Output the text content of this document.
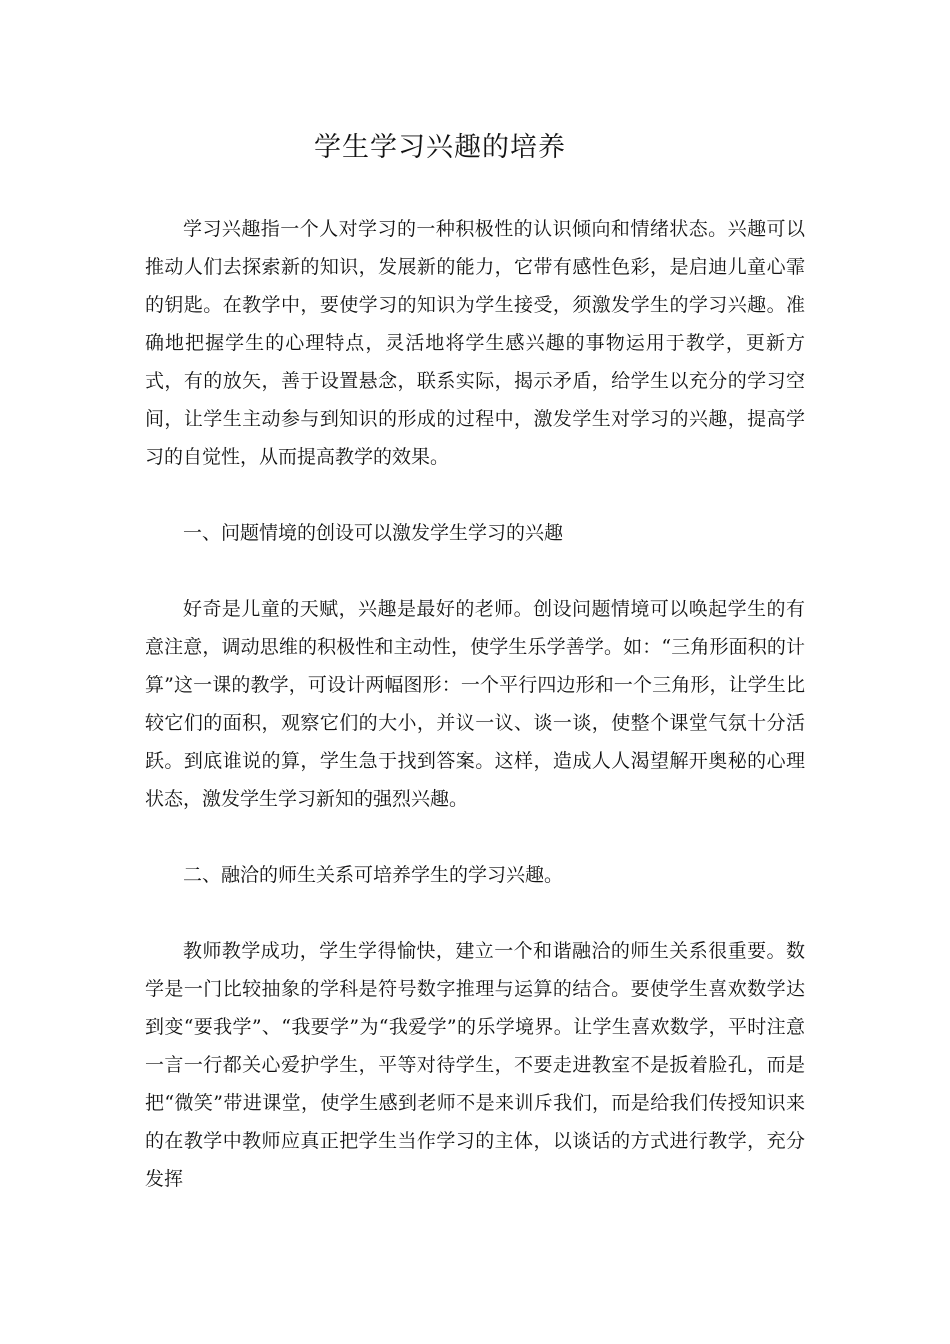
学生学习兴趣的培养

学习兴趣指一个人对学习的一种积极性的认识倾向和情绪状态。兴趣可以推动人们去探索新的知识，发展新的能力，它带有感性色彩，是启迪儿童心霏的钥匙。在教学中，要使学习的知识为学生接受，须激发学生的学习兴趣。准确地把握学生的心理特点，灵活地将学生感兴趣的事物运用于教学，更新方式，有的放矢，善于设置悬念，联系实际，揭示矛盾，给学生以充分的学习空间，让学生主动参与到知识的形成的过程中，激发学生对学习的兴趣，提高学习的自觉性，从而提高教学的效果。

一、问题情境的创设可以激发学生学习的兴趣

好奇是儿童的天赋，兴趣是最好的老师。创设问题情境可以唤起学生的有意注意，调动思维的积极性和主动性，使学生乐学善学。如：“三角形面积的计算”这一课的教学，可设计两幅图形：一个平行四边形和一个三角形，让学生比较它们的面积，观察它们的大小，并议一议、谈一谈，使整个课堂气氛十分活跃。到底谁说的算，学生急于找到答案。这样，造成人人渴望解开奥秘的心理状态，激发学生学习新知的强烈兴趣。

二、融洽的师生关系可培养学生的学习兴趣。

教师教学成功，学生学得愉快，建立一个和谐融洽的师生关系很重要。数学是一门比较抽象的学科是符号数字推理与运算的结合。要使学生喜欢数学达到变“要我学”、“我要学”为“我爱学”的乐学境界。让学生喜欢数学，平时注意一言一行都关心爱护学生，平等对待学生，不要走进教室不是扳着脸孔，而是把“微笑”带进课堂，使学生感到老师不是来训斥我们，而是给我们传授知识来的在教学中教师应真正把学生当作学习的主体，以谈话的方式进行教学，充分发挥
